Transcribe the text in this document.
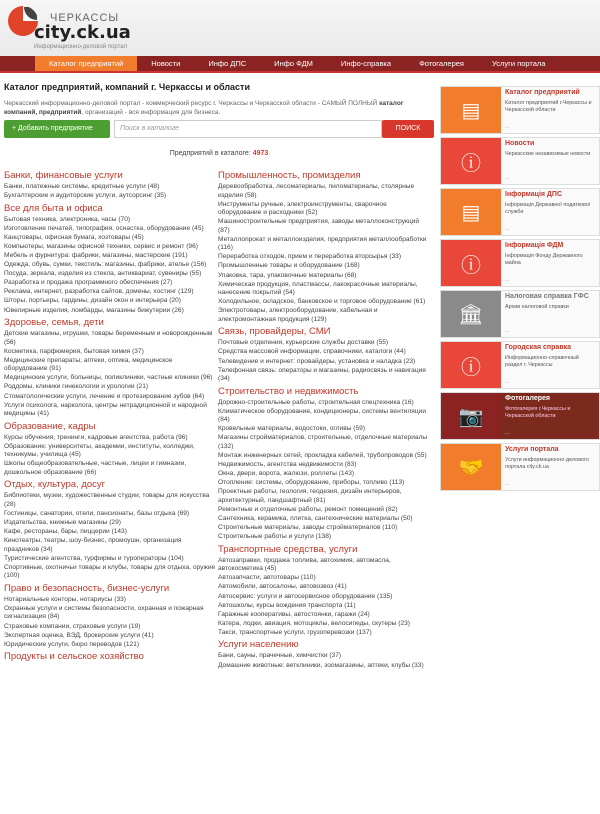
ЧЕРКАССЫ
city.ck.ua
Информационно-деловой портал
Каталог предприятий	Новости	Инфо ДПС	Инфо ФДМ	Инфо-справка	Фотогалерея	Услуги портала
Каталог предприятий, компаний г. Черкассы и области
Черкасский информационно-деловой портал - коммерческий ресурс г. Черкассы и Черкасской области - САМЫЙ ПОЛНЫЙ каталог компаний, предприятий, организаций - вся информация для бизнеса.
+ Добавить предприятие	Поиск в каталоге	ПОИСК
Предприятий в каталоге: 4973
Банки, финансовые услуги
Банки, платежные системы, кредитные услуги (48)
Бухгалтерские и аудиторские услуги, аутсорсинг (35)
Все для быта и офиса
Бытовая техника, электроника, часы (70)
Изготовление печатей, типография, оснастка, оборудование (45)
Канцтовары, офисная бумага, хозтовары (45)
Компьютеры, магазины офисной техники, сервис и ремонт (96)
Мебель и фурнитура: фабрики, магазины, мастерские (191)
Одежда, обувь, сумки, текстиль: магазины, фабрики, ателье (156)
Посуда, зеркала, изделия из стекла, антиквариат, сувениры (55)
Разработка и продажа программного обеспечения (27)
Реклама, интернет, разработка сайтов, домены, хостинг (129)
Шторы, портьеры, гардины, дизайн окон и интерьера (20)
Ювелирные изделия, ломбарды, магазины бижутерии (26)
Здоровье, семья, дети
Детские магазины, игрушки, товары беременным и новорожденным (56)
Косметика, парфюмерия, бытовая химия (37)
Медицинские препараты, аптеки, оптика, медицинское оборудование (91)
Медицинские услуги, больницы, поликлиники, частные клиники (96)
Роддомы, клиники гинекологии и урологии (21)
Стоматологические услуги, лечение и протезирование зубов (64)
Услуги психолога, нарколога, центры нетрадиционной и народной медицины (41)
Образование, кадры
Курсы обучения, тренинги, кадровые агентства, работа (96)
Образование: университеты, академии, институты, колледжи, техникумы, училища (45)
Школы общеобразовательные, частные, лицеи и гимназии, дошкольное образование (66)
Отдых, культура, досуг
Библиотеки, музеи, художественные студии, товары для искусства (28)
Гостиницы, санатории, отели, пансионаты, базы отдыха (69)
Издательства, книжные магазины (29)
Кафе, рестораны, бары, пиццерии (143)
Кинотеатры, театры, шоу-бизнес, промоушн, организация праздников (34)
Туристические агентства, турфирмы и туроператоры (104)
Спортивные, охотничьи товары и клубы, товары для отдыха, оружие (100)
Право и безопасность, бизнес-услуги
Нотариальные конторы, нотариусы (33)
Охранные услуги и системы безопасности, охранная и пожарная сигнализация (84)
Страховые компании, страховые услуги (19)
Экспертная оценка, ВЭД, брокерские услуги (41)
Юридические услуги, бюро переводов (121)
Продукты и сельское хозяйство
Промышленность, промизделия
Деревообработка, лесоматериалы, пиломатериалы, столярные изделия (58)
Инструменты ручные, электроинструменты, сварочное оборудование и расходники (52)
Машиностроительные предприятия, заводы металлоконструкций (87)
Металлопрокат и металлоизделия, предприятия металлообработки (116)
Переработка отходов, прием и переработка вторсырья (33)
Промышленные товары и оборудование (168)
Упаковка, тара, упаковочные материалы (68)
Химическая продукция, пластмассы, лакокрасочные материалы, нанесение покрытий (54)
Холодильное, складское, банковское и торговое оборудование (61)
Электротовары, электрооборудование, кабельная и электромонтажная продукция (129)
Связь, провайдеры, СМИ
Почтовые отделения, курьерские службы доставки (55)
Средства массовой информации, справочники, каталоги (44)
Телевидение и интернет: провайдеры, установка и наладка (23)
Телефонная связь: операторы и магазины, радиосвязь и навигация (34)
Строительство и недвижимость
Дорожно-строительные работы, строительная спецтехника (16)
Климатическое оборудование, кондиционеры, системы вентиляции (84)
Кровельные материалы, водостоки, огливы (59)
Магазины стройматериалов, строительные, отделочные материалы (132)
Монтаж инженерных сетей, прокладка кабелей, трубопроводов (55)
Недвижимость, агентства недвижимости (83)
Окна, двери, ворота, жалюзи, роллеты (143)
Отопление: системы, оборудование, приборы, топливо (113)
Проектные работы, геология, геодезия, дизайн интерьеров, архитектурный, ландшафтный (81)
Ремонтные и отделочные работы, ремонт помещений (82)
Сантехника, керамика, плитка, сантехнические материалы (50)
Строительные материалы, заводы стройматериалов (110)
Строительные работы и услуги (138)
Транспортные средства, услуги
Автозаправки, продажа топлива, автохимия, автомасла, автокосметика (45)
Автозапчасти, автотовары (110)
Автомобили, автосалоны, автовозвоз (41)
Автосервис: услуги и автосервисное оборудование (135)
Автошколы, курсы вождения транспорта (11)
Гаражные кооперативы, автостоянки, гаражи (24)
Катера, лодки, авиация, мотоциклы, велосипеды, скутеры (23)
Такси, транспортные услуги, грузоперевозки (137)
Услуги населению
Бани, сауны, прачечные, химчистки (37)
Домашние животные: ветклиники, зоомагазины, аптеки, клубы (33)
▤
Каталог предприятий
Каталог предприятий г.Черкассы и Черкасской области
...
ⓘ
Новости
Черкасские независимые новости
...
▤
Інформація ДПС
Інформація Державної податкової служби
...
ⓘ
Інформація ФДМ
Інформація Фонду Державного майна
...
🏛
Налоговая справка ГФС
Архив налоговой справки
...
ⓘ
Городская справка
Информационно-справочный раздел г. Черкассы
...
📷
Фотогалерея
Фотогалерея г.Черкассы и Черкасской области
...
🤝
Услуги портала
Услуги информационно-делового портала city.ck.ua
...
